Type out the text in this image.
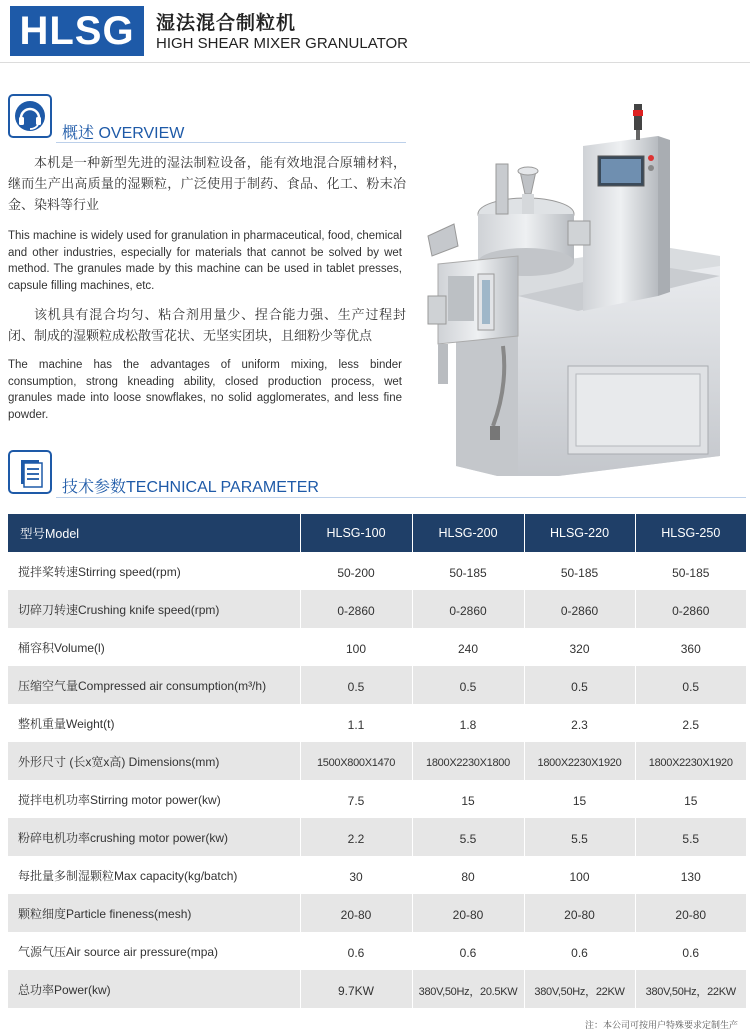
HLSG	湿法混合制粒机
HIGH SHEAR MIXER GRANULATOR
概述 OVERVIEW
本机是一种新型先进的湿法制粒设备，能有效地混合原辅材料，继而生产出高质量的湿颗粒，广泛使用于制药、食品、化工、粉末冶金、染料等行业
This machine is widely used for granulation in pharmaceutical, food, chemical and other industries, especially for materials that cannot be solved by wet method. The granules made by this machine can be used in tablet presses, capsule filling machines, etc.
该机具有混合均匀、粘合剂用量少、捏合能力强、生产过程封闭、制成的湿颗粒成松散雪花状、无坚实团块，且细粉少等优点
The machine has the advantages of uniform mixing, less binder consumption, strong kneading ability, closed production process, wet granules made into loose snowflakes, no solid agglomerates, and less fine powder.
技术参数TECHNICAL PARAMETER
型号Model	HLSG-100	HLSG-200	HLSG-220	HLSG-250
搅拌桨转速Stirring speed(rpm)	50-200	50-185	50-185	50-185
切碎刀转速Crushing knife speed(rpm)	0-2860	0-2860	0-2860	0-2860
桶容积Volume(l)	100	240	320	360
压缩空气量Compressed air consumption(m³/h)	0.5	0.5	0.5	0.5
整机重量Weight(t)	1.1	1.8	2.3	2.5
外形尺寸 (长x宽x高) Dimensions(mm)	1500X800X1470	1800X2230X1800	1800X2230X1920	1800X2230X1920
搅拌电机功率Stirring motor power(kw)	7.5	15	15	15
粉碎电机功率crushing motor power(kw)	2.2	5.5	5.5	5.5
每批量多制湿颗粒Max capacity(kg/batch)	30	80	100	130
颗粒细度Particle fineness(mesh)	20-80	20-80	20-80	20-80
气源气压Air source air pressure(mpa)	0.6	0.6	0.6	0.6
总功率Power(kw)	9.7KW	380V,50Hz，20.5KW	380V,50Hz，22KW	380V,50Hz，22KW
注：本公司可按用户特殊要求定制生产
